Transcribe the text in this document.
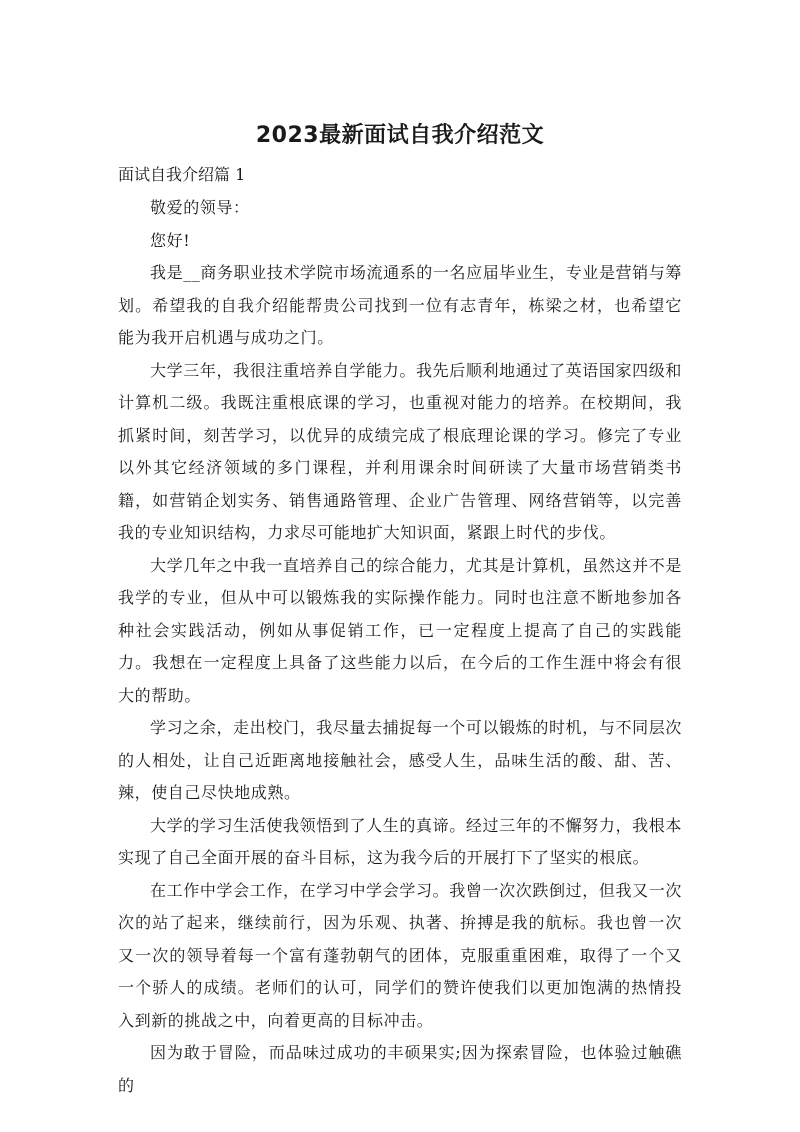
2023最新面试自我介绍范文
面试自我介绍篇 1

敬爱的领导：

您好!

我是__商务职业技术学院市场流通系的一名应届毕业生，专业是营销与筹划。希望我的自我介绍能帮贵公司找到一位有志青年，栋梁之材，也希望它能为我开启机遇与成功之门。

大学三年，我很注重培养自学能力。我先后顺利地通过了英语国家四级和计算机二级。我既注重根底课的学习，也重视对能力的培养。在校期间，我抓紧时间，刻苦学习，以优异的成绩完成了根底理论课的学习。修完了专业以外其它经济领域的多门课程，并利用课余时间研读了大量市场营销类书籍，如营销企划实务、销售通路管理、企业广告管理、网络营销等，以完善我的专业知识结构，力求尽可能地扩大知识面，紧跟上时代的步伐。

大学几年之中我一直培养自己的综合能力，尤其是计算机，虽然这并不是我学的专业，但从中可以锻炼我的实际操作能力。同时也注意不断地参加各种社会实践活动，例如从事促销工作，已一定程度上提高了自己的实践能力。我想在一定程度上具备了这些能力以后，在今后的工作生涯中将会有很大的帮助。

学习之余，走出校门，我尽量去捕捉每一个可以锻炼的时机，与不同层次的人相处，让自己近距离地接触社会，感受人生，品味生活的酸、甜、苦、辣，使自己尽快地成熟。

大学的学习生活使我领悟到了人生的真谛。经过三年的不懈努力，我根本实现了自己全面开展的奋斗目标，这为我今后的开展打下了坚实的根底。

在工作中学会工作，在学习中学会学习。我曾一次次跌倒过，但我又一次次的站了起来，继续前行，因为乐观、执著、拚搏是我的航标。我也曾一次又一次的领导着每一个富有蓬勃朝气的团体，克服重重困难，取得了一个又一个骄人的成绩。老师们的认可，同学们的赞许使我们以更加饱满的热情投入到新的挑战之中，向着更高的目标冲击。

因为敢于冒险，而品味过成功的丰硕果实;因为探索冒险，也体验过触礁的
